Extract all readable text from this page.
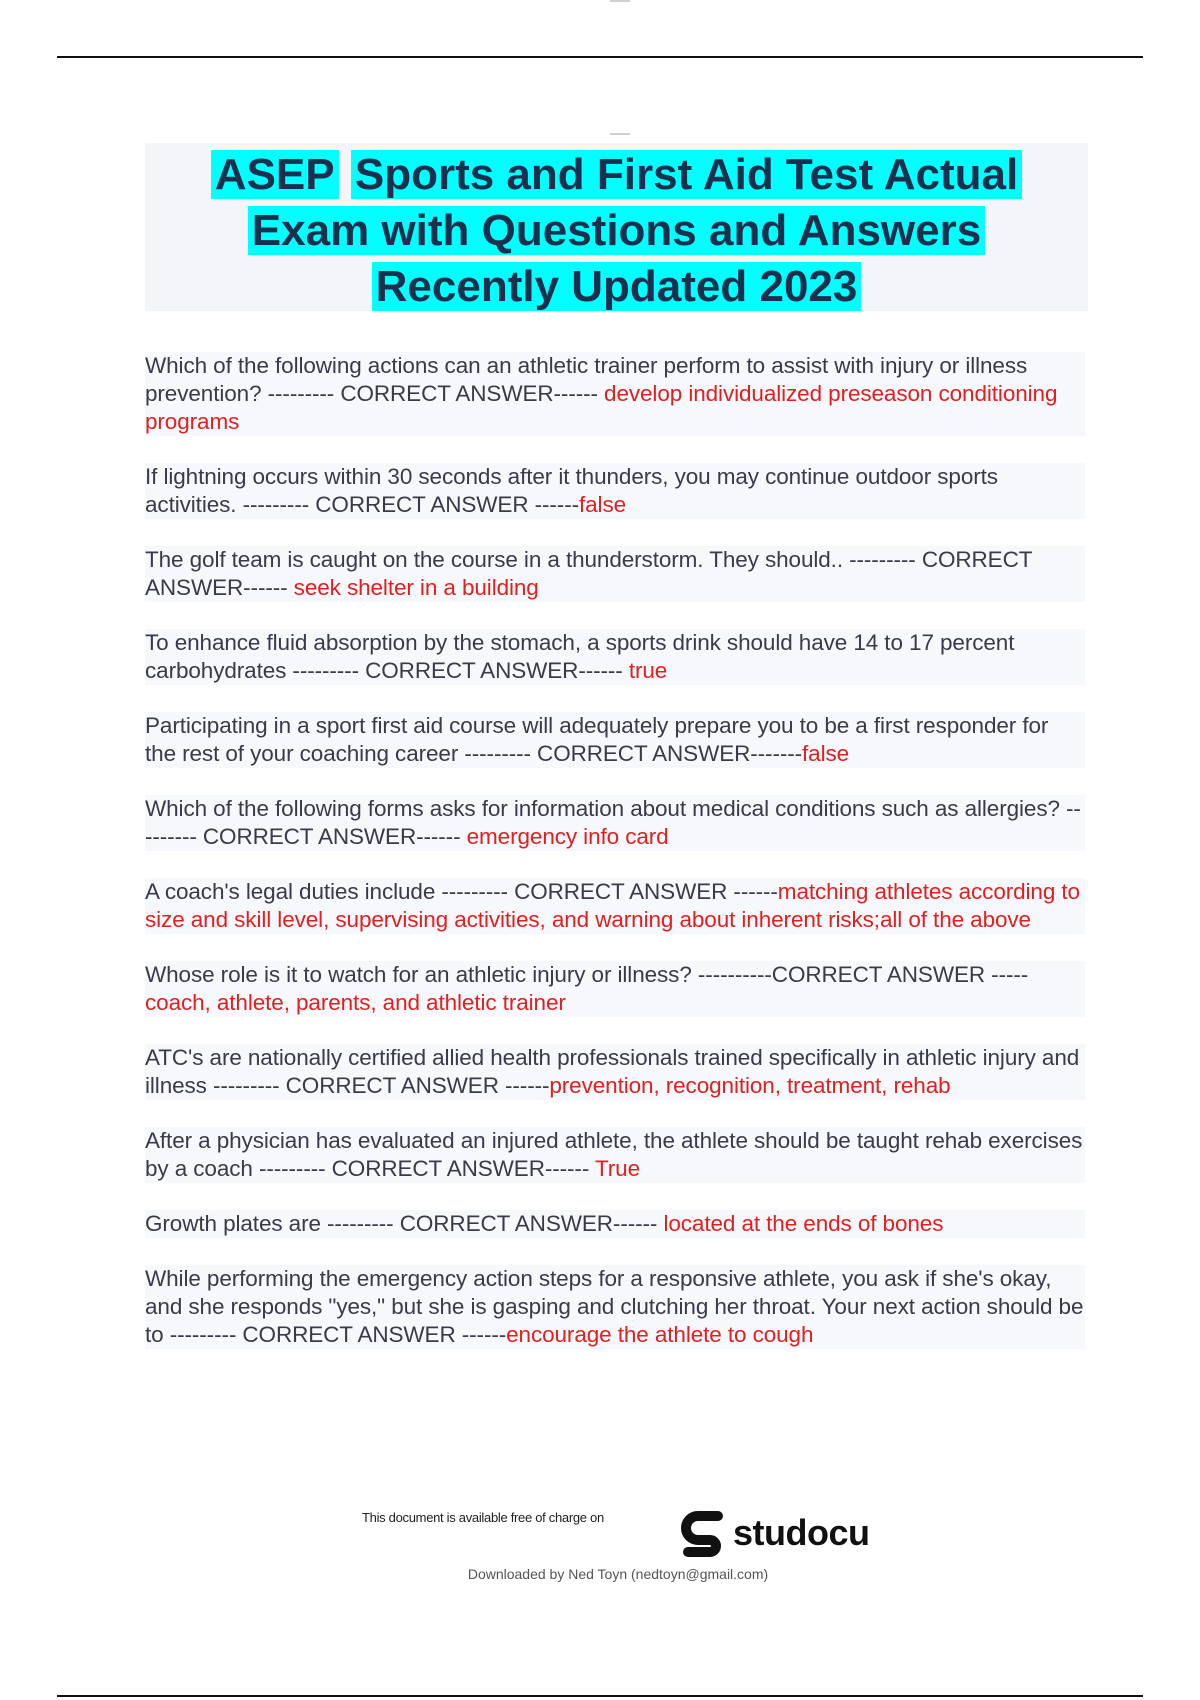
ASEP Sports and First Aid Test Actual
Exam with Questions and Answers
Recently Updated 2023

Which of the following actions can an athletic trainer perform to assist with injury or illness prevention? --------- CORRECT ANSWER------ develop individualized preseason conditioning programs

If lightning occurs within 30 seconds after it thunders, you may continue outdoor sports activities. --------- CORRECT ANSWER ------false

The golf team is caught on the course in a thunderstorm. They should.. --------- CORRECT ANSWER------ seek shelter in a building

To enhance fluid absorption by the stomach, a sports drink should have 14 to 17 percent carbohydrates --------- CORRECT ANSWER------ true

Participating in a sport first aid course will adequately prepare you to be a first responder for the rest of your coaching career --------- CORRECT ANSWER-------false

Which of the following forms asks for information about medical conditions such as allergies? --------- CORRECT ANSWER------ emergency info card

A coach's legal duties include --------- CORRECT ANSWER ------matching athletes according to size and skill level, supervising activities, and warning about inherent risks;all of the above

Whose role is it to watch for an athletic injury or illness? ----------CORRECT ANSWER ----- coach, athlete, parents, and athletic trainer

ATC's are nationally certified allied health professionals trained specifically in athletic injury and illness --------- CORRECT ANSWER ------prevention, recognition, treatment, rehab

After a physician has evaluated an injured athlete, the athlete should be taught rehab exercises by a coach --------- CORRECT ANSWER------ True

Growth plates are --------- CORRECT ANSWER------ located at the ends of bones

While performing the emergency action steps for a responsive athlete, you ask if she's okay, and she responds "yes," but she is gasping and clutching her throat. Your next action should be to --------- CORRECT ANSWER ------encourage the athlete to cough

This document is available free of charge on	studocu
Downloaded by Ned Toyn (nedtoyn@gmail.com)
